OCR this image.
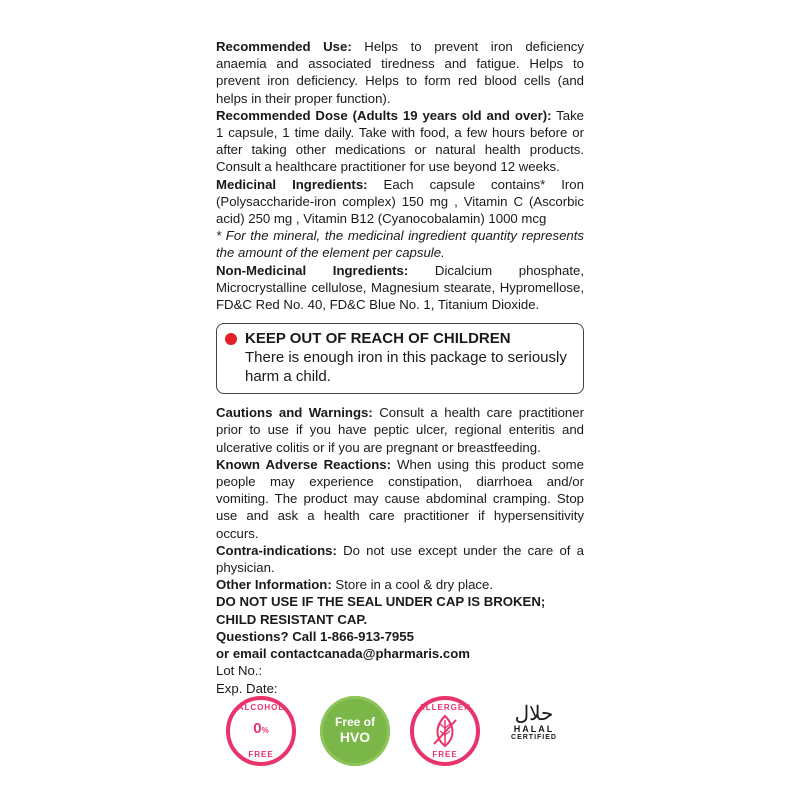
Recommended Use: Helps to prevent iron deficiency anaemia and associated tiredness and fatigue. Helps to prevent iron deficiency. Helps to form red blood cells (and helps in their proper function).

Recommended Dose (Adults 19 years old and over): Take 1 capsule, 1 time daily. Take with food, a few hours before or after taking other medications or natural health products. Consult a healthcare practitioner for use beyond 12 weeks.

Medicinal Ingredients: Each capsule contains* Iron (Polysaccharide-iron complex) 150 mg , Vitamin C (Ascorbic acid) 250 mg , Vitamin B12 (Cyanocobalamin) 1000 mcg

* For the mineral, the medicinal ingredient quantity represents the amount of the element per capsule.

Non-Medicinal Ingredients: Dicalcium phosphate, Microcrystalline cellulose, Magnesium stearate, Hypromellose, FD&C Red No. 40, FD&C Blue No. 1, Titanium Dioxide.

KEEP OUT OF REACH OF CHILDREN
There is enough iron in this package to seriously harm a child.

Cautions and Warnings: Consult a health care practitioner prior to use if you have peptic ulcer, regional enteritis and ulcerative colitis or if you are pregnant or breastfeeding.

Known Adverse Reactions: When using this product some people may experience constipation, diarrhoea and/or vomiting. The product may cause abdominal cramping. Stop use and ask a health care practitioner if hypersensitivity occurs.

Contra-indications: Do not use except under the care of a physician.

Other Information: Store in a cool & dry place.

DO NOT USE IF THE SEAL UNDER CAP IS BROKEN;

CHILD RESISTANT CAP.

Questions? Call 1-866-913-7955

or email contactcanada@pharmaris.com

Lot No.:

Exp. Date:

ALCOHOL
0%
FREE
Free of
HVO
ALLERGEN
FREE
حلال
HALAL
CERTIFIED
